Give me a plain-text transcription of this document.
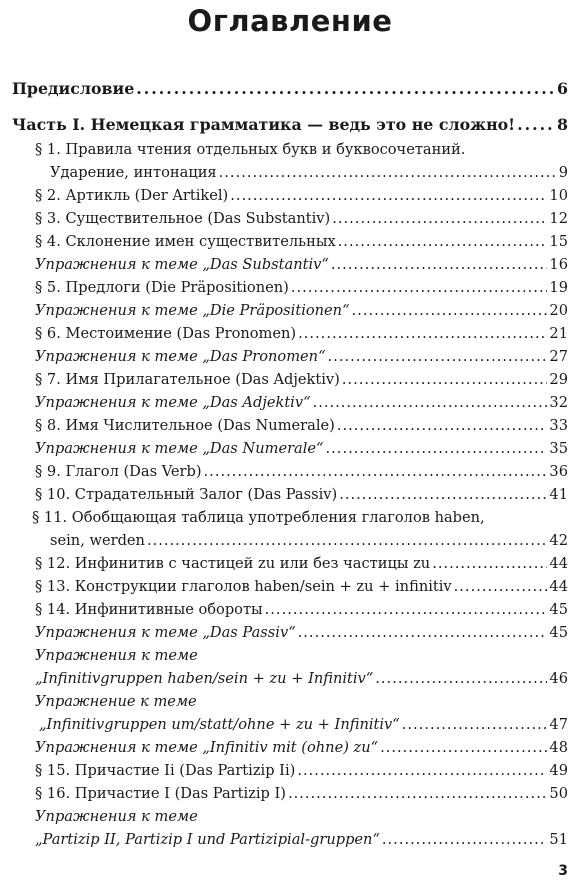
Оглавление
Предисловие .....	6
Часть I. Немецкая грамматика — ведь это не сложно! .....	8
§ 1. Правила чтения отдельных букв и буквосочетаний.
Ударение, интонация .....	9
§ 2. Артикль (Der Artikel) .....	10
§ 3. Существительное (Das Substantiv) .....	12
§ 4. Склонение имен существительных .....	15
Упражнения к теме „Das Substantiv“ .....	16
§ 5. Предлоги (Die Präpositionen) .....	19
Упражнения к теме „Die Präpositionen“ .....	20
§ 6. Местоимение (Das Pronomen) .....	21
Упражнения к теме „Das Pronomen“ .....	27
§ 7. Имя Прилагательное (Das Adjektiv) .....	29
Упражнения к теме „Das Adjektiv“ .....	32
§ 8. Имя Числительное (Das Numerale) .....	33
Упражнения к теме „Das Numerale“ .....	35
§ 9. Глагол (Das Verb) .....	36
§ 10. Страдательный Залог (Das Passiv) .....	41
§ 11. Обобщающая таблица употребления глаголов haben,
sein, werden .....	42
§ 12. Инфинитив с частицей zu или без частицы zu .....	44
§ 13. Конструкции глаголов haben/sein + zu + infinitiv .....	44
§ 14. Инфинитивные обороты .....	45
Упражнения к теме „Das Passiv“ .....	45
Упражнения к теме
„Infinitivgruppen haben/sein + zu + Infinitiv“ .....	46
Упражнение к теме
„Infinitivgruppen um/statt/ohne + zu + Infinitiv“ .....	47
Упражнения к теме „Infinitiv mit (ohne) zu“ .....	48
§ 15. Причастие Ii (Das Partizip Ii) .....	49
§ 16. Причастие I (Das Partizip I) .....	50
Упражнения к теме
„Partizip II, Partizip I und Partizipial-gruppen“ .....	51
3
